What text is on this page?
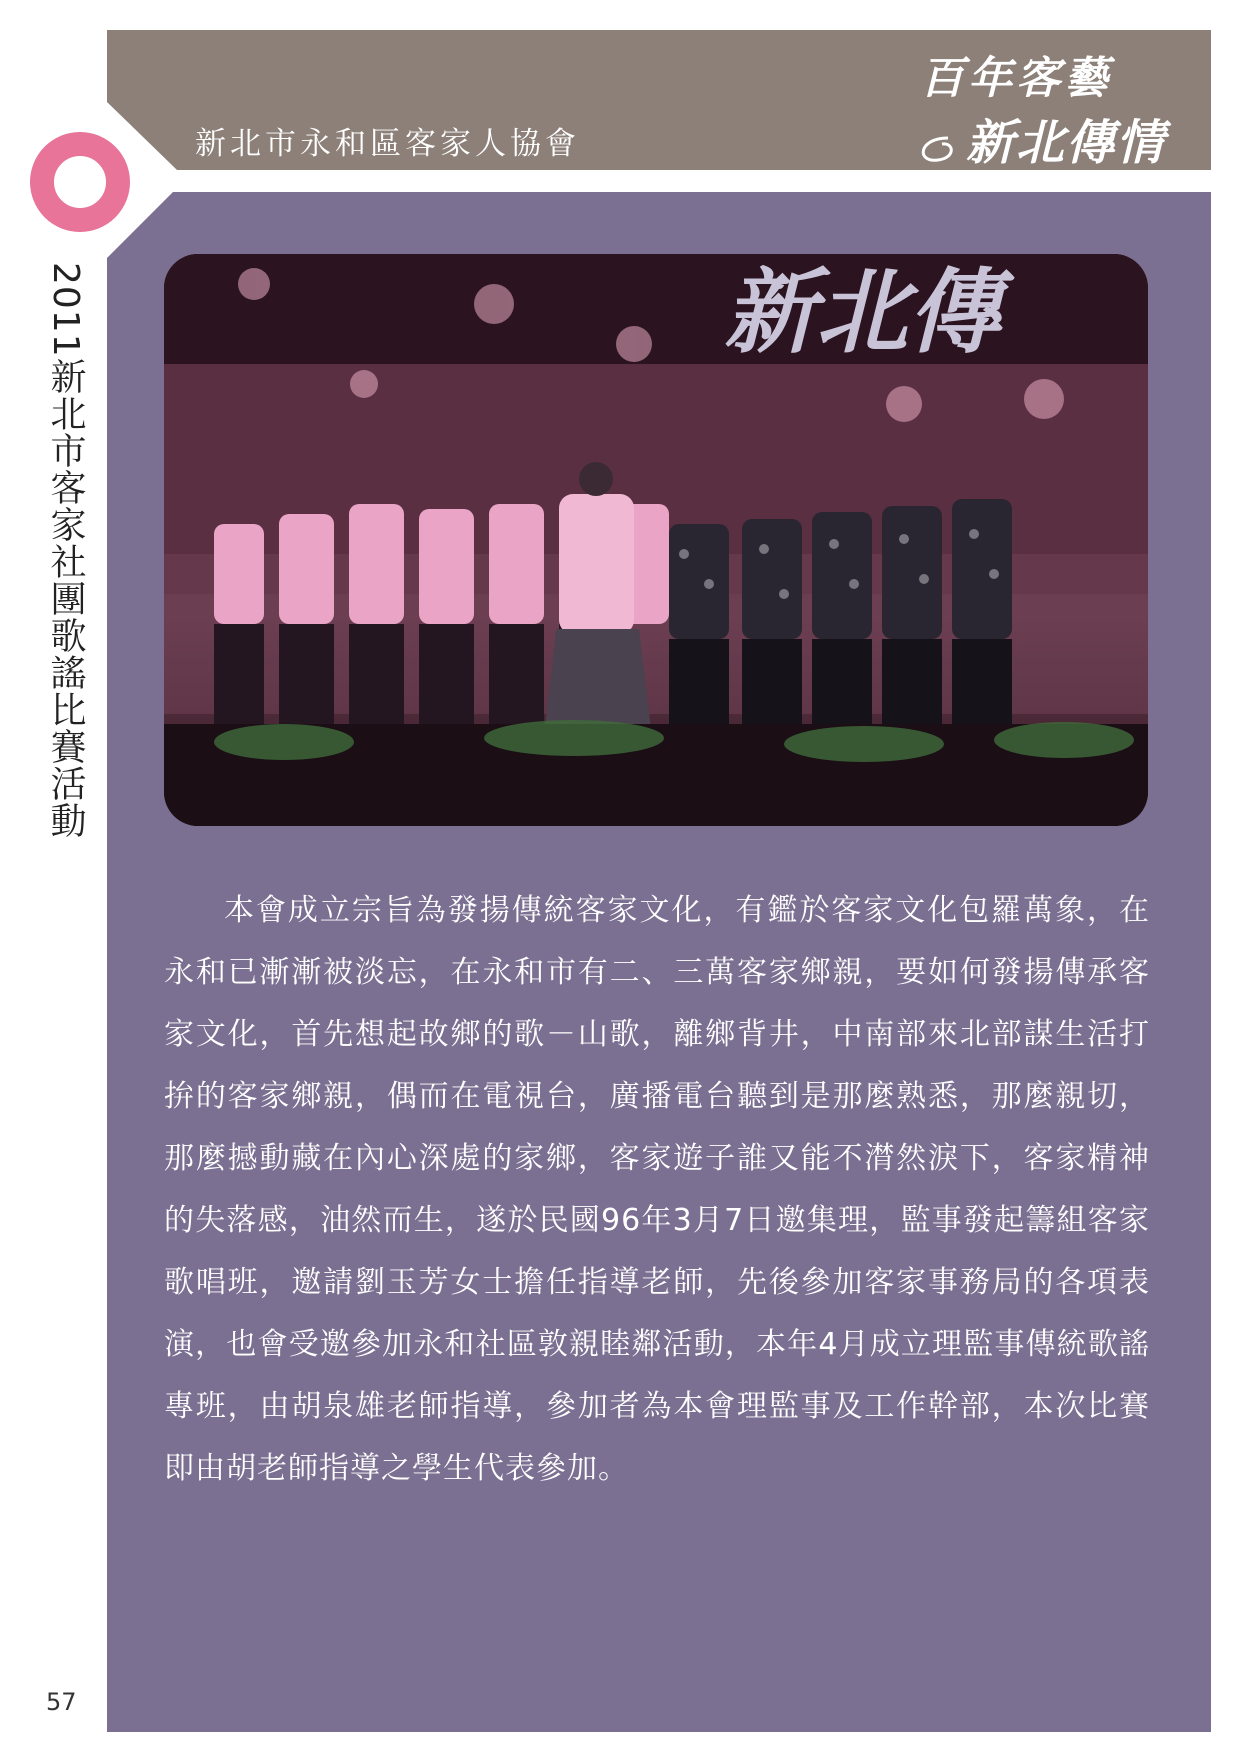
新北市永和區客家人協會
百年客藝
新北傳情
2011新北市客家社團歌謠比賽活動
57
新北傳
本會成立宗旨為發揚傳統客家文化，有鑑於客家文化包羅萬象，在永和已漸漸被淡忘，在永和市有二、三萬客家鄉親，要如何發揚傳承客家文化，首先想起故鄉的歌－山歌，離鄉背井，中南部來北部謀生活打拚的客家鄉親，偶而在電視台，廣播電台聽到是那麼熟悉，那麼親切，那麼撼動藏在內心深處的家鄉，客家遊子誰又能不潸然淚下，客家精神的失落感，油然而生，遂於民國96年3月7日邀集理，監事發起籌組客家歌唱班，邀請劉玉芳女士擔任指導老師，先後參加客家事務局的各項表演，也會受邀參加永和社區敦親睦鄰活動，本年4月成立理監事傳統歌謠專班，由胡泉雄老師指導，參加者為本會理監事及工作幹部，本次比賽即由胡老師指導之學生代表參加。
